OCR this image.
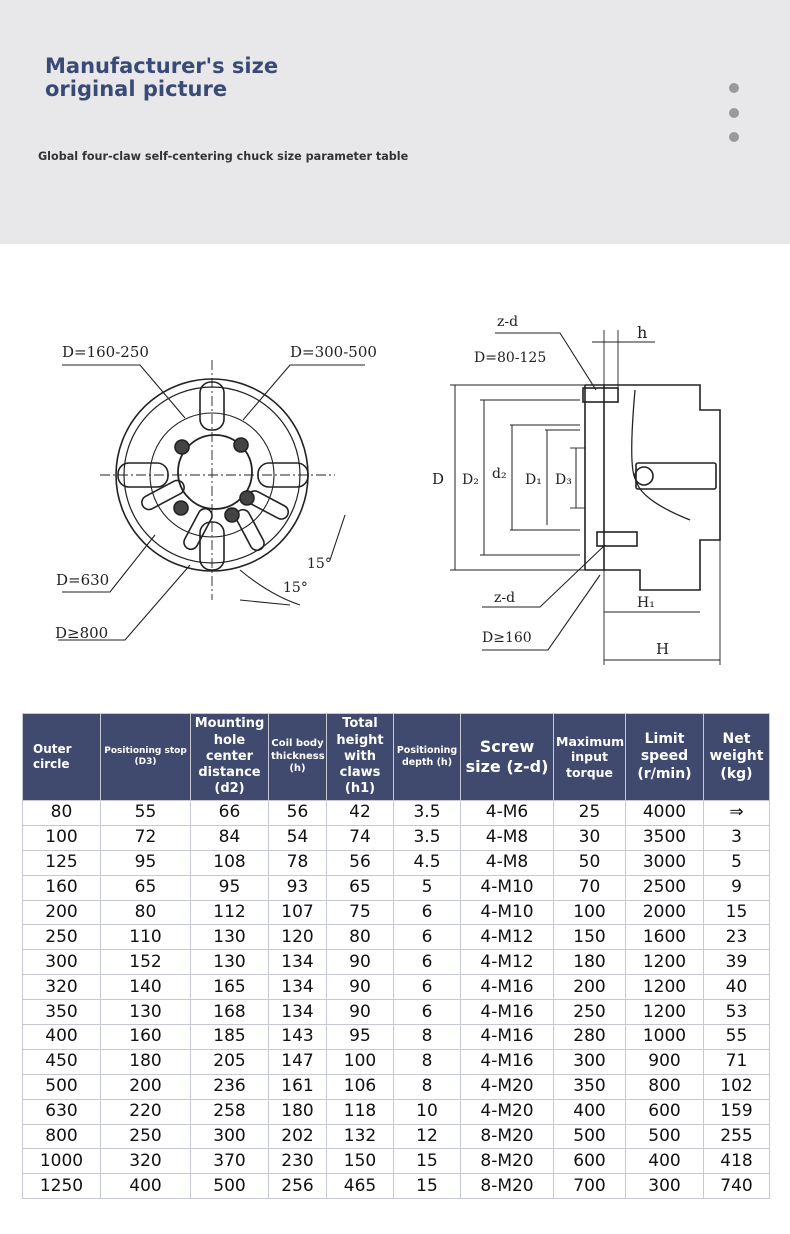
Manufacturer's size
original picture
Global four-claw self-centering chuck size parameter table
D=160-250	D=300-500
D=630
D≥800
15°
15°
z-d
h
D=80-125
D D₂ d₂ D₁ D₃
z-d
D≥160
H₁
H
Outer circle	Positioning stop (D3)	Mounting hole center distance (d2)	Coil body thickness (h)	Total height with claws (h1)	Positioning depth (h)	Screw size (z-d)	Maximum input torque	Limit speed (r/min)	Net weight (kg)
80	55	66	56	42	3.5	4-M6	25	4000	⇒
100	72	84	54	74	3.5	4-M8	30	3500	3
125	95	108	78	56	4.5	4-M8	50	3000	5
160	65	95	93	65	5	4-M10	70	2500	9
200	80	112	107	75	6	4-M10	100	2000	15
250	110	130	120	80	6	4-M12	150	1600	23
300	152	130	134	90	6	4-M12	180	1200	39
320	140	165	134	90	6	4-M16	200	1200	40
350	130	168	134	90	6	4-M16	250	1200	53
400	160	185	143	95	8	4-M16	280	1000	55
450	180	205	147	100	8	4-M16	300	900	71
500	200	236	161	106	8	4-M20	350	800	102
630	220	258	180	118	10	4-M20	400	600	159
800	250	300	202	132	12	8-M20	500	500	255
1000	320	370	230	150	15	8-M20	600	400	418
1250	400	500	256	465	15	8-M20	700	300	740
